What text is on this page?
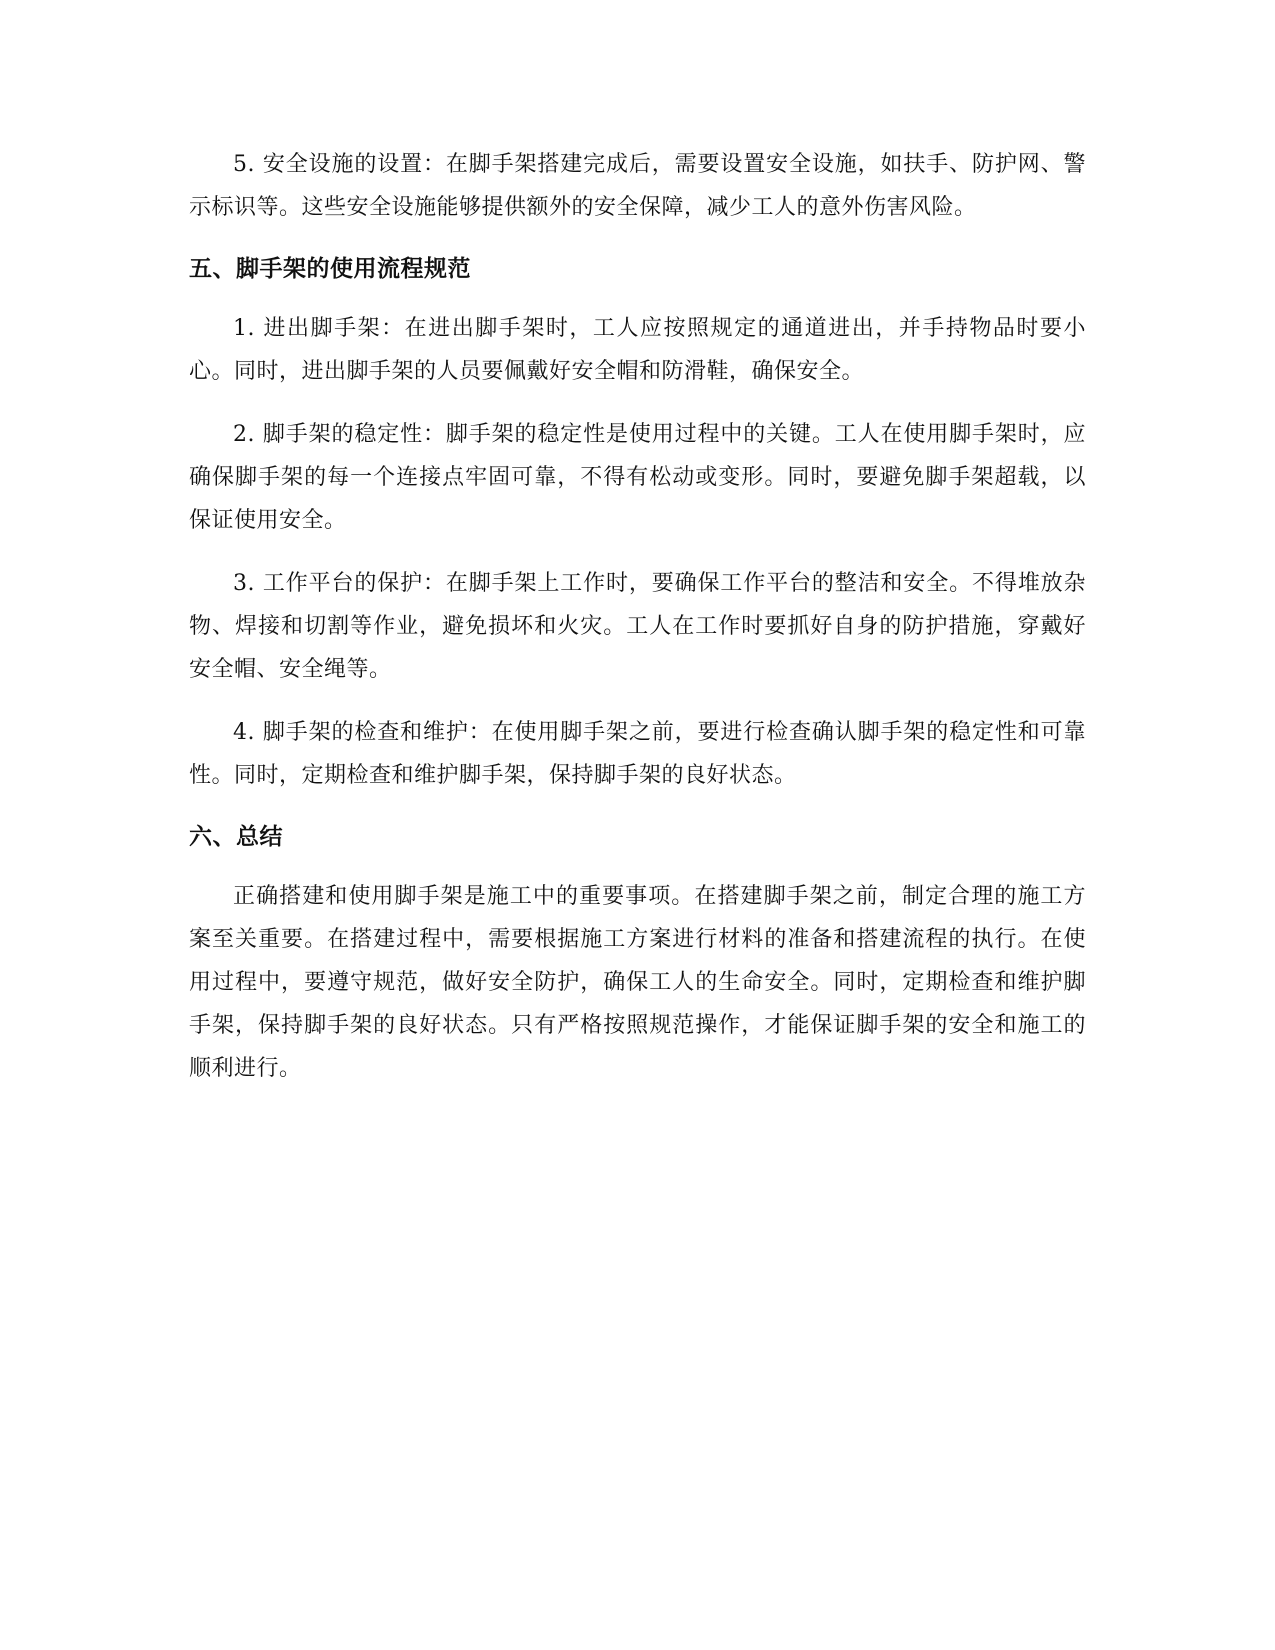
5. 安全设施的设置：在脚手架搭建完成后，需要设置安全设施，如扶手、防护网、警示标识等。这些安全设施能够提供额外的安全保障，减少工人的意外伤害风险。

五、脚手架的使用流程规范

1. 进出脚手架：在进出脚手架时，工人应按照规定的通道进出，并手持物品时要小心。同时，进出脚手架的人员要佩戴好安全帽和防滑鞋，确保安全。

2. 脚手架的稳定性：脚手架的稳定性是使用过程中的关键。工人在使用脚手架时，应确保脚手架的每一个连接点牢固可靠，不得有松动或变形。同时，要避免脚手架超载，以保证使用安全。

3. 工作平台的保护：在脚手架上工作时，要确保工作平台的整洁和安全。不得堆放杂物、焊接和切割等作业，避免损坏和火灾。工人在工作时要抓好自身的防护措施，穿戴好安全帽、安全绳等。

4. 脚手架的检查和维护：在使用脚手架之前，要进行检查确认脚手架的稳定性和可靠性。同时，定期检查和维护脚手架，保持脚手架的良好状态。

六、总结

正确搭建和使用脚手架是施工中的重要事项。在搭建脚手架之前，制定合理的施工方案至关重要。在搭建过程中，需要根据施工方案进行材料的准备和搭建流程的执行。在使用过程中，要遵守规范，做好安全防护，确保工人的生命安全。同时，定期检查和维护脚手架，保持脚手架的良好状态。只有严格按照规范操作，才能保证脚手架的安全和施工的顺利进行。
